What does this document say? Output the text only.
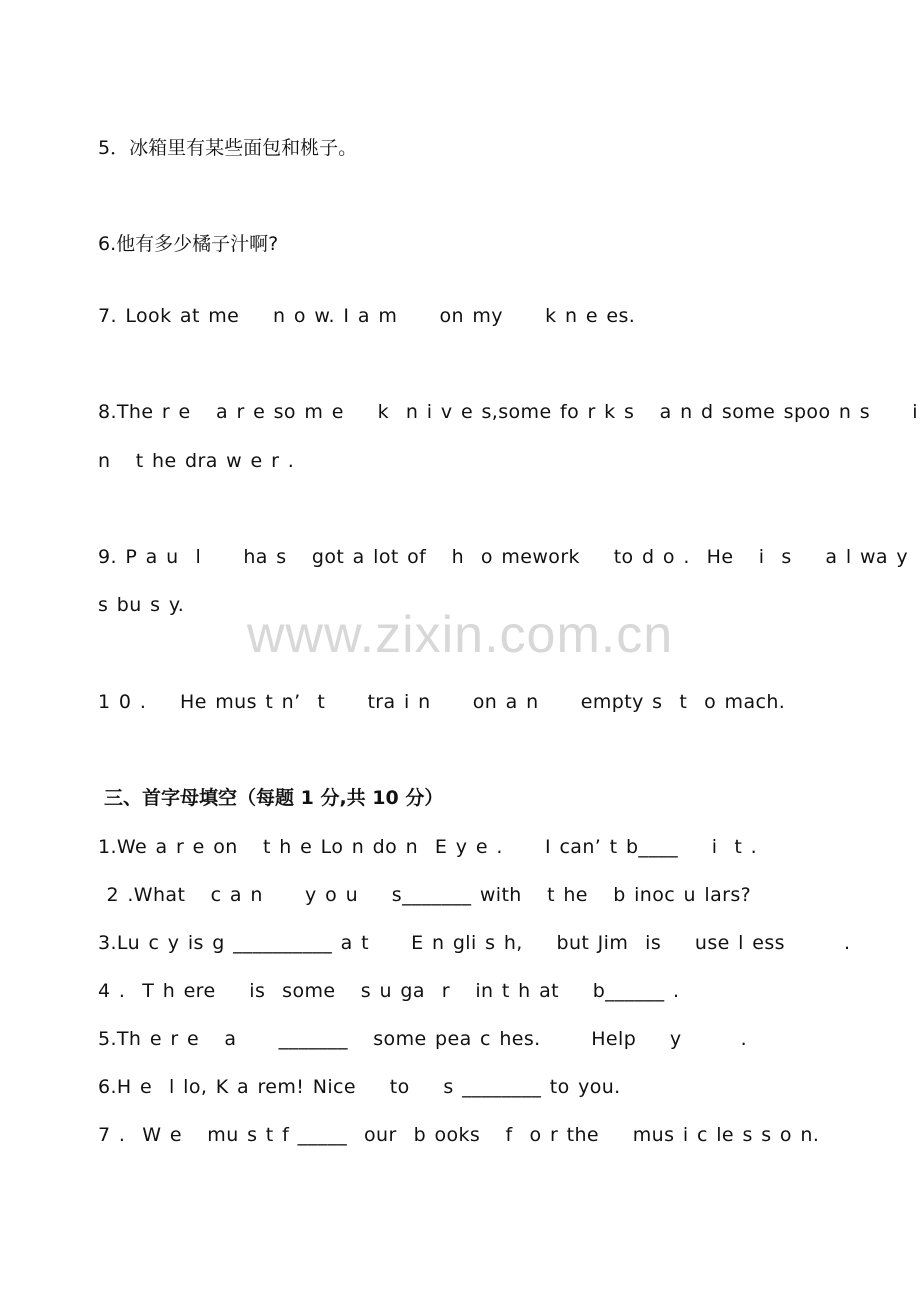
5．冰箱里有某些面包和桃子。
6.他有多少橘子汁啊?
7. Look at me    n o w. I a m     on my     k n e es.
8.The r e   a r e so m e    k  n i v e s,some fo r k s   a n d some spoo n s     i
n   t he dra w e r .
9. P a u  l     ha s   got a lot of   h  o mework    to d o .  He   i  s    a l wa y
s bu s y.
www.zixin.com.cn
1 0 .    He mus t n’  t     tra i n     on a n     empty s  t  o mach.
三、首字母填空（每题 1 分,共 10 分）
1.We a r e on   t h e Lo n do n  E y e .     I can’ t b____    i  t .
2 .What   c a n     y o u    s_______ with   t he   b inoc u lars?
3.Lu c y is g __________ a t     E n gli s h,    but Jim  is    use l ess       .
4 .  T h ere    is  some   s u ga  r   in t h at    b______ .
5.Th e r e   a     _______   some pea c hes.      Help    y       .
6.H e  l lo, K a rem! Nice    to    s ________ to you.
7 .  W e   mu s t f _____  our  b ooks   f  o r the    mus i c le s s o n.
